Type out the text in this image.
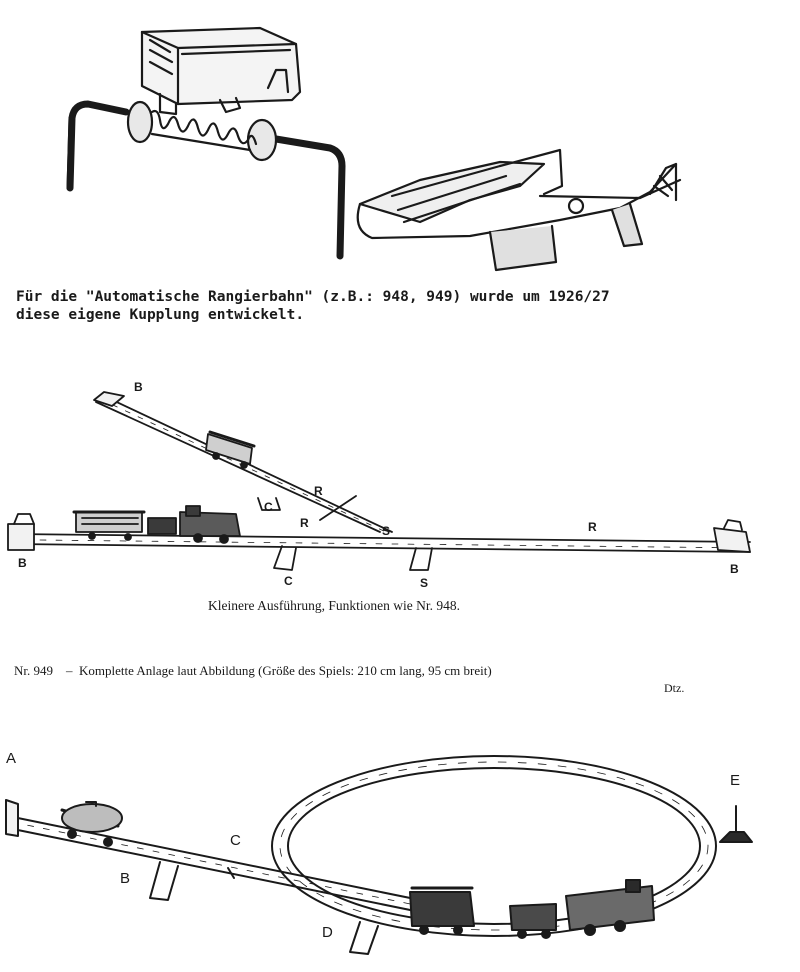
Für die "Automatische Rangierbahn" (z.B.: 948, 949) wurde um 1926/27
diese eigene Kupplung entwickelt.
B
R
C
R
S	R
B
C	S
B
Kleinere Ausführung, Funktionen wie Nr. 948.
Nr. 949 – Komplette Anlage laut Abbildung (Größe des Spiels: 210 cm lang, 95 cm breit)
Dtz.
A
B
C
D
E
